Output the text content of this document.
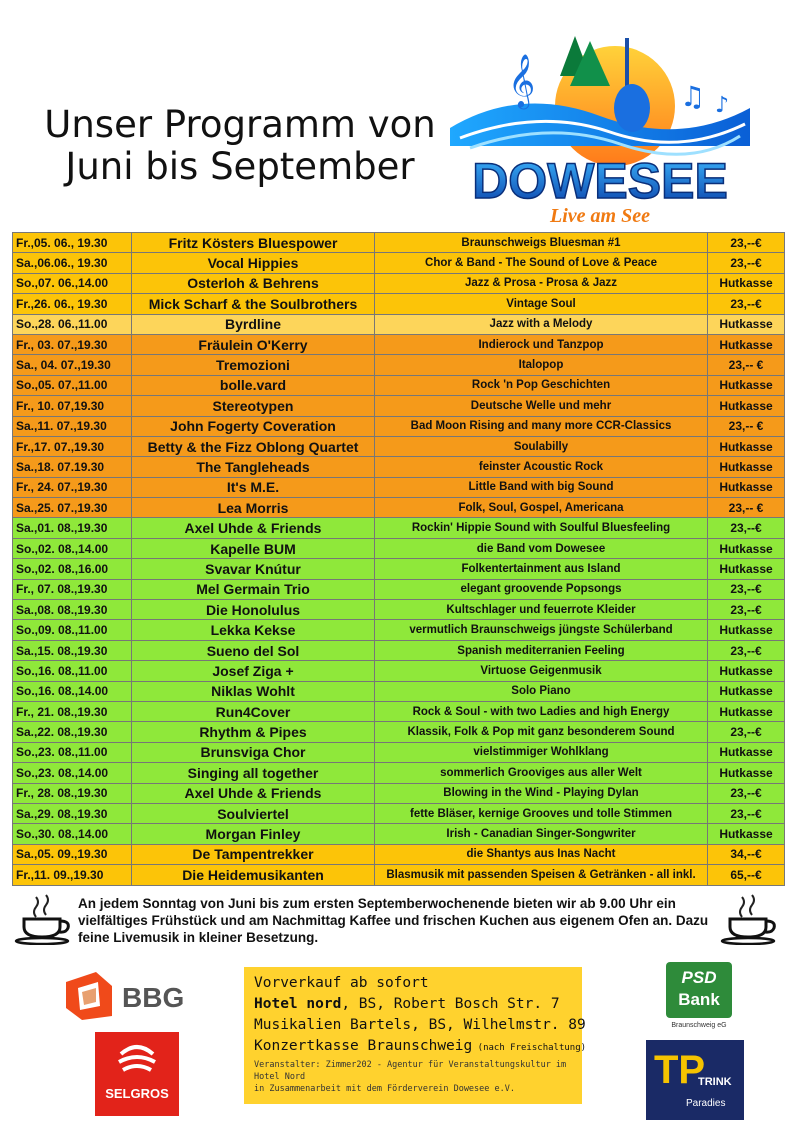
Unser Programm von
Juni bis September
𝄞	♫ ♪
DOWESEE
Live am See
Fr.,05. 06., 19.30	Fritz Kösters Bluespower	Braunschweigs Bluesman #1	23,--€
Sa.,06.06., 19.30	Vocal Hippies	Chor & Band - The Sound of Love & Peace	23,--€
So.,07. 06.,14.00	Osterloh & Behrens	Jazz & Prosa - Prosa & Jazz	Hutkasse
Fr.,26. 06., 19.30	Mick Scharf & the Soulbrothers	Vintage Soul	23,--€
So.,28. 06.,11.00	Byrdline	Jazz with a Melody	Hutkasse
Fr., 03. 07.,19.30	Fräulein O'Kerry	Indierock und Tanzpop	Hutkasse
Sa., 04. 07.,19.30	Tremozioni	Italopop	23,-- €
So.,05. 07.,11.00	bolle.vard	Rock 'n Pop Geschichten	Hutkasse
Fr., 10. 07,19.30	Stereotypen	Deutsche Welle und mehr	Hutkasse
Sa.,11. 07.,19.30	John Fogerty Coveration	Bad Moon Rising and many more CCR-Classics	23,-- €
Fr.,17. 07.,19.30	Betty & the Fizz Oblong Quartet	Soulabilly	Hutkasse
Sa.,18. 07.19.30	The Tangleheads	feinster Acoustic Rock	Hutkasse
Fr., 24. 07.,19.30	It's M.E.	Little Band with big Sound	Hutkasse
Sa.,25. 07.,19.30	Lea Morris	Folk, Soul, Gospel, Americana	23,-- €
Sa.,01. 08.,19.30	Axel Uhde & Friends	Rockin' Hippie Sound with Soulful Bluesfeeling	23,--€
So.,02. 08.,14.00	Kapelle BUM	die Band vom Dowesee	Hutkasse
So.,02. 08.,16.00	Svavar Knútur	Folkentertainment aus Island	Hutkasse
Fr., 07. 08.,19.30	Mel Germain Trio	elegant groovende Popsongs	23,--€
Sa.,08. 08.,19.30	Die Honolulus	Kultschlager und feuerrote Kleider	23,--€
So.,09. 08.,11.00	Lekka Kekse	vermutlich Braunschweigs jüngste Schülerband	Hutkasse
Sa.,15. 08.,19.30	Sueno del Sol	Spanish mediterranien Feeling	23,--€
So.,16. 08.,11.00	Josef Ziga +	Virtuose Geigenmusik	Hutkasse
So.,16. 08.,14.00	Niklas Wohlt	Solo Piano	Hutkasse
Fr., 21. 08.,19.30	Run4Cover	Rock & Soul - with two Ladies and high Energy	Hutkasse
Sa.,22. 08.,19.30	Rhythm & Pipes	Klassik, Folk & Pop mit ganz besonderem Sound	23,--€
So.,23. 08.,11.00	Brunsviga Chor	vielstimmiger Wohlklang	Hutkasse
So.,23. 08.,14.00	Singing all together	sommerlich Grooviges aus aller Welt	Hutkasse
Fr., 28. 08.,19.30	Axel Uhde & Friends	Blowing in the Wind - Playing Dylan	23,--€
Sa.,29. 08.,19.30	Soulviertel	fette Bläser, kernige Grooves und tolle Stimmen	23,--€
So.,30. 08.,14.00	Morgan Finley	Irish - Canadian Singer-Songwriter	Hutkasse
Sa.,05. 09.,19.30	De Tampentrekker	die Shantys aus Inas Nacht	34,--€
Fr.,11. 09.,19.30	Die Heidemusikanten	Blasmusik mit passenden Speisen & Getränken - all inkl.	65,--€
An jedem Sonntag von Juni bis zum ersten Septemberwochenende bieten wir ab 9.00 Uhr ein vielfältiges Frühstück und am Nachmittag Kaffee und frischen Kuchen aus eigenem Ofen an. Dazu feine Livemusik in kleiner Besetzung.
BBG
SELGROS
Vorverkauf ab sofort
Hotel nord, BS, Robert Bosch Str. 7
Musikalien Bartels, BS, Wilhelmstr. 89
Konzertkasse Braunschweig (nach Freischaltung)
Veranstalter: Zimmer202 - Agentur für Veranstaltungskultur im Hotel Nord
in Zusammenarbeit mit dem Förderverein Dowesee e.V.
PSD
Bank
Braunschweig eG
TP
TRINK
Paradies
